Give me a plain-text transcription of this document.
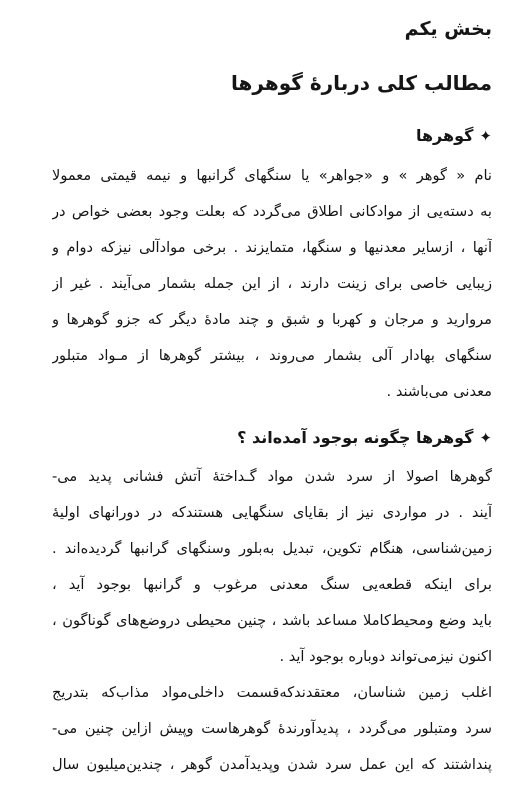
بخش یکم
مطالب کلی دربارهٔ گوهرها
✦گوهرها
نام « گوهر » و «جواهر» یا سنگهای گرانبها و نیمه قیمتی معمولا
به دسته‌یی از موادکانی اطلاق می‌گردد که بعلت وجود بعضی خواص در
آنها ، ازسایر معدنیها و سنگها، متمایزند . برخی موادآلی نیزکه دوام و
زیبایی خاصی برای زینت دارند ، از این جمله بشمار می‌آیند . غیر از
مروارید و مرجان و کهربا و شبق و چند مادهٔ دیگر که جزو گوهرها و
سنگهای بهادار آلی بشمار می‌روند ، بیشتر گوهرها از مـواد متبلور
معدنی می‌باشند .
✦گوهرها چگونه بوجود آمده‌اند ؟
گوهرها اصولا از سرد شدن مواد گـداختهٔ آتش فشانی پدید می-
آیند . در مواردی نیز از بقایای سنگهایی هستندکه در دورانهای اولیهٔ
زمین‌شناسی، هنگام تکوین، تبدیل به‌بلور وسنگهای گرانبها گردیده‌اند .
برای اینکه قطعه‌یی سنگ معدنی مرغوب و گرانبها بوجود آید ،
باید وضع ومحیط‌کاملا مساعد باشد ، چنین محیطی دروضع‌های گوناگون ،
اکنون نیزمی‌تواند دوباره بوجود آید .
اغلب زمین شناسان، معتقدندکه‌قسمت داخلی‌مواد مذاب‌که بتدریج
سرد ومتبلور می‌گردد ، پدیدآورندهٔ گوهرهاست وپیش ازاین چنین می-
پنداشتند که این عمل سرد شدن وپدیدآمدن گوهر ، چندین‌میلیون سال
